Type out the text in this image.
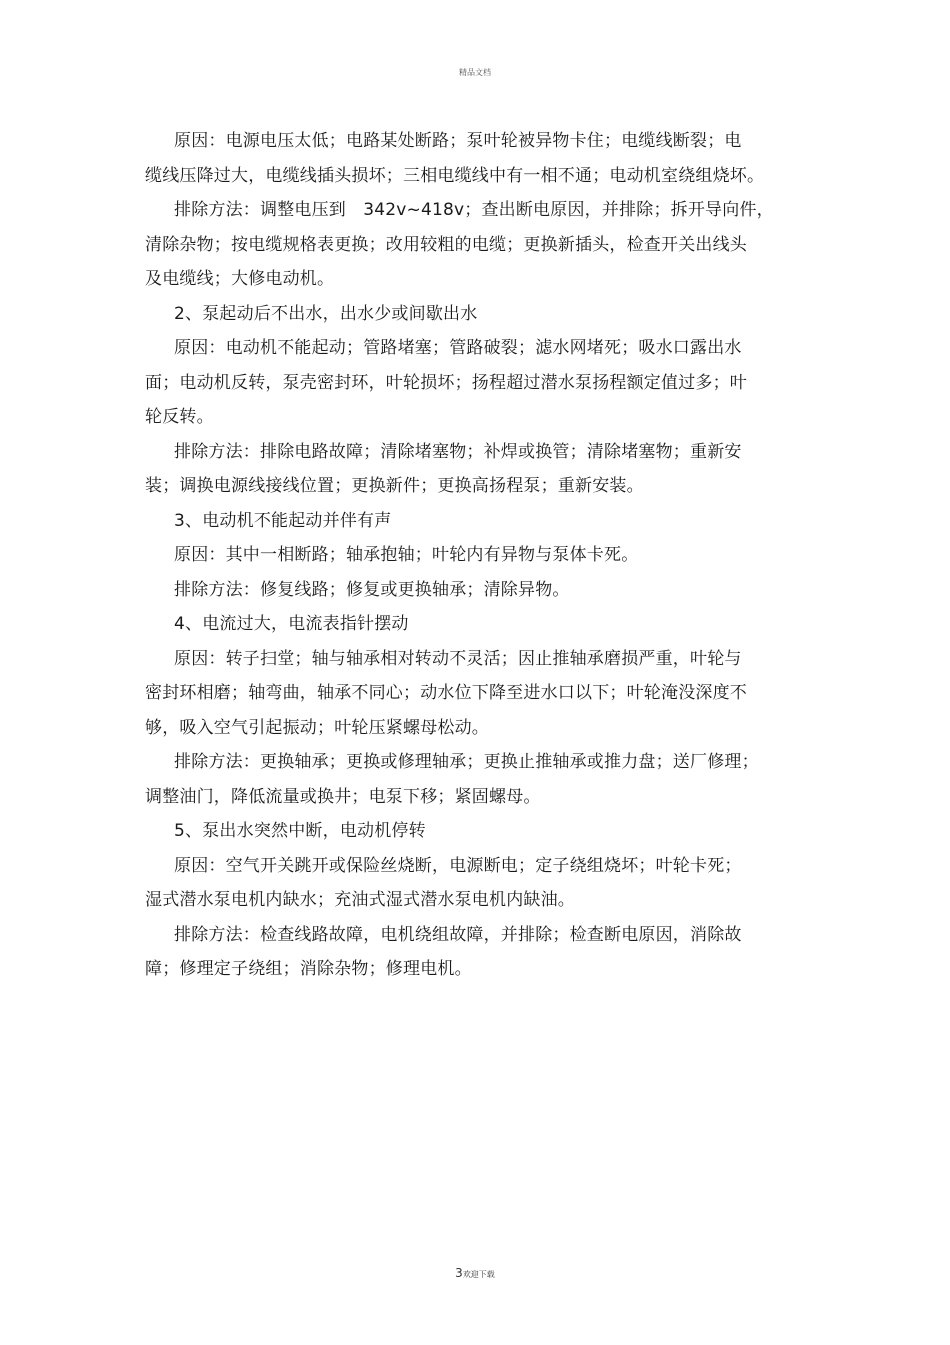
精品文档

原因：电源电压太低；电路某处断路；泵叶轮被异物卡住；电缆线断裂；电
缆线压降过大，电缆线插头损坏；三相电缆线中有一相不通；电动机室绕组烧坏。

排除方法：调整电压到　342v~418v；查出断电原因，并排除；拆开导向件，
清除杂物；按电缆规格表更换；改用较粗的电缆；更换新插头，检查开关出线头
及电缆线；大修电动机。

2、泵起动后不出水，出水少或间歇出水

原因：电动机不能起动；管路堵塞；管路破裂；滤水网堵死；吸水口露出水
面；电动机反转，泵壳密封环，叶轮损坏；扬程超过潜水泵扬程额定值过多；叶
轮反转。

排除方法：排除电路故障；清除堵塞物；补焊或换管；清除堵塞物；重新安
装；调换电源线接线位置；更换新件；更换高扬程泵；重新安装。

3、电动机不能起动并伴有声

原因：其中一相断路；轴承抱轴；叶轮内有异物与泵体卡死。

排除方法：修复线路；修复或更换轴承；清除异物。

4、电流过大，电流表指针摆动

原因：转子扫堂；轴与轴承相对转动不灵活；因止推轴承磨损严重，叶轮与
密封环相磨；轴弯曲，轴承不同心；动水位下降至进水口以下；叶轮淹没深度不
够，吸入空气引起振动；叶轮压紧螺母松动。

排除方法：更换轴承；更换或修理轴承；更换止推轴承或推力盘；送厂修理；
调整油门，降低流量或换井；电泵下移；紧固螺母。

5、泵出水突然中断，电动机停转

原因：空气开关跳开或保险丝烧断，电源断电；定子绕组烧坏；叶轮卡死；
湿式潜水泵电机内缺水；充油式湿式潜水泵电机内缺油。

排除方法：检查线路故障，电机绕组故障，并排除；检查断电原因，消除故
障；修理定子绕组；消除杂物；修理电机。

3欢迎下载
